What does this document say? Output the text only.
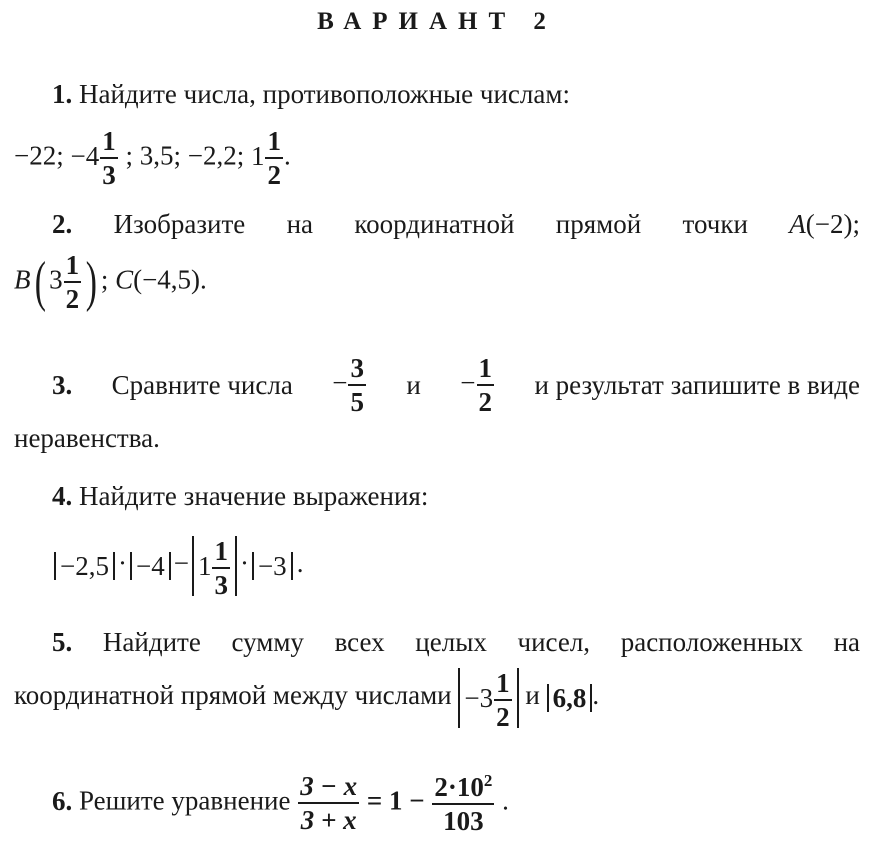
ВАРИАНТ 2
1. Найдите числа, противоположные числам:
−22; $-4 \frac{1}{3}$ ; 3,5; −2,2; $1 \frac{1}{2}$ .
2. Изобразите на координатной прямой точки A(−2);
B( $3 \frac{1}{2}$ ) ; C(−4,5).
3. Сравните числа − $\frac{3}{5}$ $и - \frac{1}{2}$ и результат запишите в виде
неравенства.
4. Найдите значение выражения:
$-2,5 \cdot -4 - 1 \frac{1}{3} \cdot -3$ .
5. Найдите сумму всех целых чисел, расположенных на
координатной прямой между числами $-3 \frac{1}{2}$ и 6,8 .
6. Решите уравнение $\frac{3 - x}{3 + x} = 1 - \frac{2\cdot 10^2}{103}$ .
